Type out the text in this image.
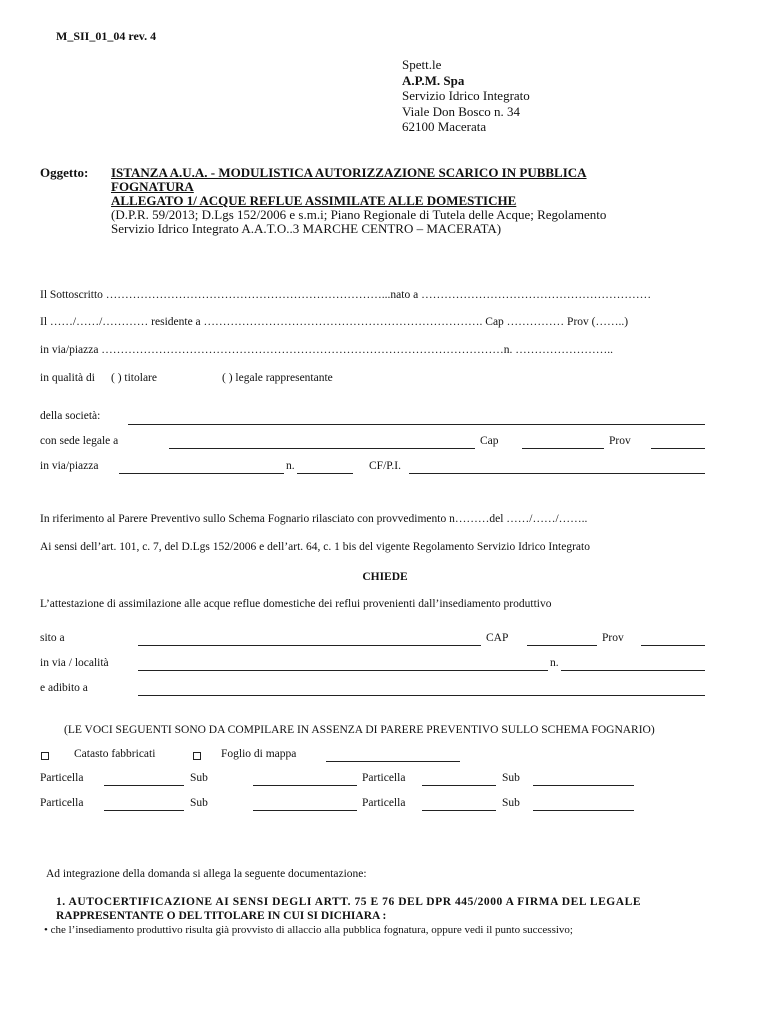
M_SII_01_04 rev. 4
Spett.le
A.P.M. Spa
Servizio Idrico Integrato
Viale Don Bosco n. 34
62100 Macerata
Oggetto: ISTANZA A.U.A. - MODULISTICA AUTORIZZAZIONE SCARICO IN PUBBLICA
FOGNATURA
ALLEGATO 1/ ACQUE REFLUE ASSIMILATE ALLE DOMESTICHE
(D.P.R. 59/2013; D.Lgs 152/2006 e s.m.i; Piano Regionale di Tutela delle Acque; Regolamento
Servizio Idrico Integrato A.A.T.O..3 MARCHE CENTRO – MACERATA)
Il Sottoscritto ………………………………………………………………...nato a ……………………………………………………
Il ……/……/………… residente a ………………………………………………………………. Cap …………… Prov (……..)
in via/piazza ……………………………………………………………………………………………n. ……………………..
in qualità di ( ) titolare	( ) legale rappresentante
della società:
con sede legale a	Cap	Prov
in via/piazza	n.	CF/P.I.
In riferimento al Parere Preventivo sullo Schema Fognario rilasciato con provvedimento n………del ……/……/……..
Ai sensi dell’art. 101, c. 7, del D.Lgs 152/2006 e dell’art. 64, c. 1 bis del vigente Regolamento Servizio Idrico Integrato
CHIEDE
L’attestazione di assimilazione alle acque reflue domestiche dei reflui provenienti dall’insediamento produttivo
sito a	CAP	Prov
in via / località	n.
e adibito a
(LE VOCI SEGUENTI SONO DA COMPILARE IN ASSENZA DI PARERE PREVENTIVO SULLO SCHEMA FOGNARIO)
Catasto fabbricati	Foglio di mappa
Particella	Sub	Particella	Sub
Particella	Sub	Particella	Sub
Ad integrazione della domanda si allega la seguente documentazione:
1. AUTOCERTIFICAZIONE AI SENSI DEGLI ARTT. 75 E 76 DEL DPR 445/2000 A FIRMA DEL LEGALE
RAPPRESENTANTE O DEL TITOLARE IN CUI SI DICHIARA :
• che l’insediamento produttivo risulta già provvisto di allaccio alla pubblica fognatura, oppure vedi il punto successivo;
